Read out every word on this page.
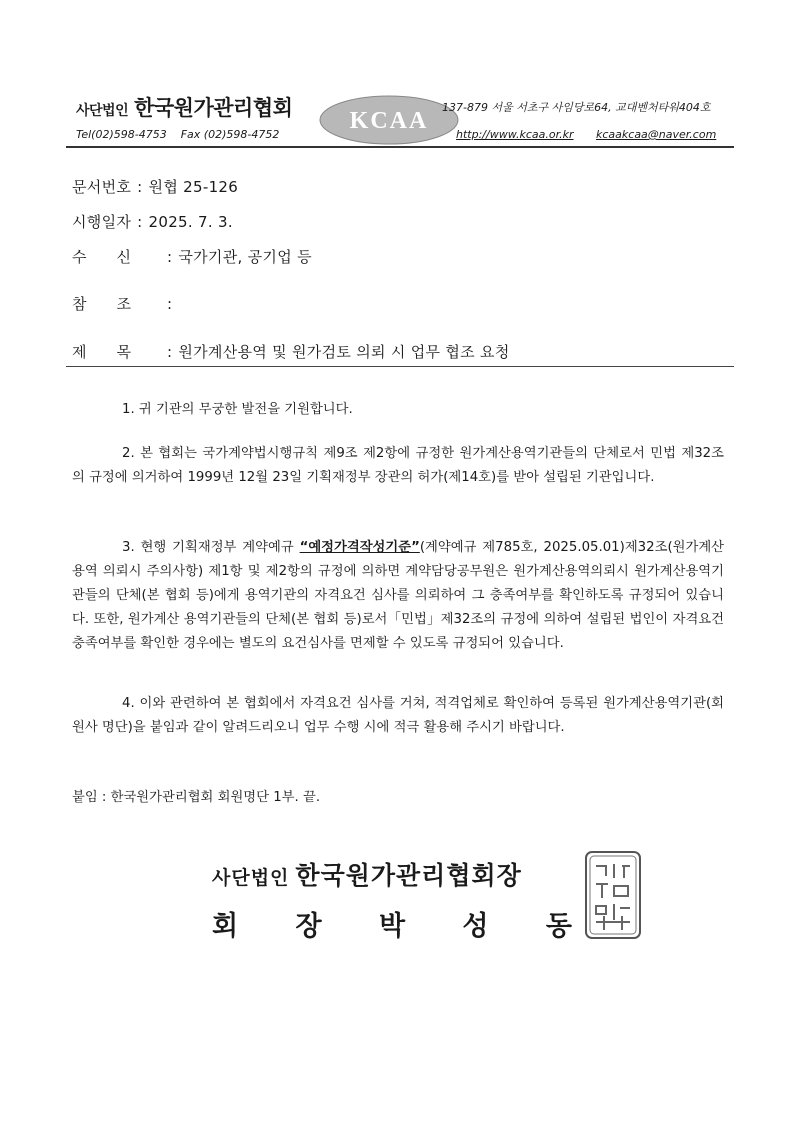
사단법인 한국원가관리협회 KCAA
137-879 서울 서초구 사임당로64, 교대벤처타워404호
Tel(02)598-4753 Fax (02)598-4752	http://www.kcaa.or.kr kcaakcaa@naver.com
문서번호 : 원협 25-126
시행일자 : 2025. 7. 3.
수신 : 국가기관, 공기업 등
참조 :
제목 : 원가계산용역 및 원가검토 의뢰 시 업무 협조 요청
1. 귀 기관의 무궁한 발전을 기원합니다.
2. 본 협회는 국가계약법시행규칙 제9조 제2항에 규정한 원가계산용역기관들의 단체로서 민법 제32조의 규정에 의거하여 1999년 12월 23일 기획재정부 장관의 허가(제14호)를 받아 설립된 기관입니다.
3. 현행 기획재정부 계약예규 “예정가격작성기준”(계약예규 제785호, 2025.05.01)제32조(원가계산용역 의뢰시 주의사항) 제1항 및 제2항의 규정에 의하면 계약담당공무원은 원가계산용역의뢰시 원가계산용역기관들의 단체(본 협회 등)에게 용역기관의 자격요건 심사를 의뢰하여 그 충족여부를 확인하도록 규정되어 있습니다. 또한, 원가계산 용역기관들의 단체(본 협회 등)로서「민법」제32조의 규정에 의하여 설립된 법인이 자격요건 충족여부를 확인한 경우에는 별도의 요건심사를 면제할 수 있도록 규정되어 있습니다.
4. 이와 관련하여 본 협회에서 자격요건 심사를 거쳐, 적격업체로 확인하여 등록된 원가계산용역기관(회원사 명단)을 붙임과 같이 알려드리오니 업무 수행 시에 적극 활용해 주시기 바랍니다.
붙임 : 한국원가관리협회 회원명단 1부. 끝.
사단법인 한국원가관리협회장
회 장 박 성 동
